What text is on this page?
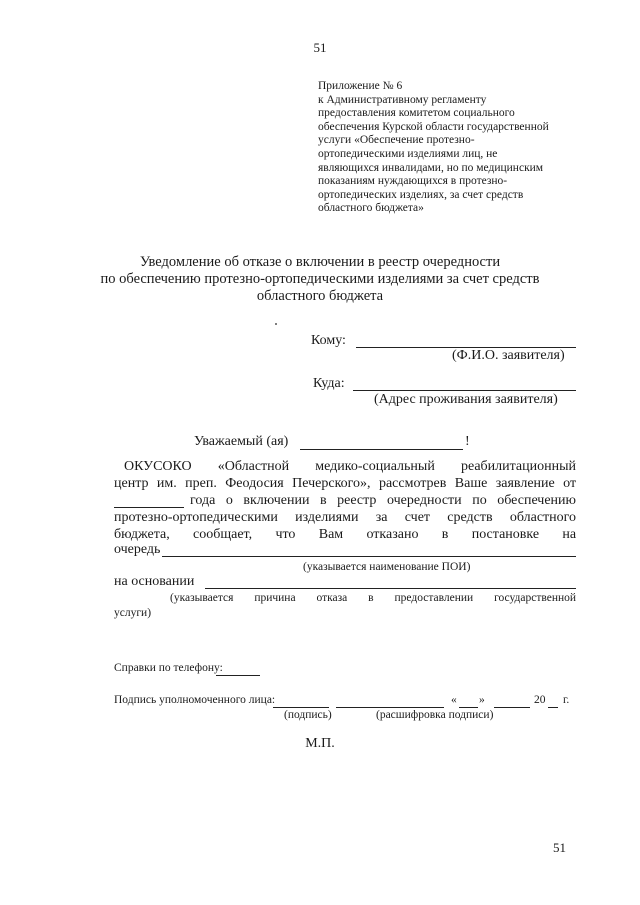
51
Приложение № 6
к Административному регламенту
предоставления комитетом социального
обеспечения Курской области государственной
услуги «Обеспечение протезно-
ортопедическими изделиями лиц, не
являющихся инвалидами, но по медицинским
показаниям нуждающихся в протезно-
ортопедических изделиях, за счет средств
областного бюджета»
Уведомление об отказе о включении в реестр очередности
по обеспечению протезно-ортопедическими изделиями за счет средств
областного бюджета
Кому:
(Ф.И.О. заявителя)
Куда:
(Адрес проживания заявителя)
Уважаемый (ая)	!
ОКУСОКО «Областной медико-социальный реабилитационный
центр им. преп. Феодосия Печерского», рассмотрев Ваше заявление от
года о включении в реестр очередности по обеспечению
протезно-ортопедическими изделиями за счет средств областного
бюджета, сообщает, что Вам отказано в постановке на
очередь
(указывается наименование ПОИ)
на основании
(указывается причина отказа в предоставлении государственной
услуги)
Справки по телефону:
Подпись уполномоченного лица:	« »	20 г.
(подпись)	(расшифровка подписи)
М.П.
51
